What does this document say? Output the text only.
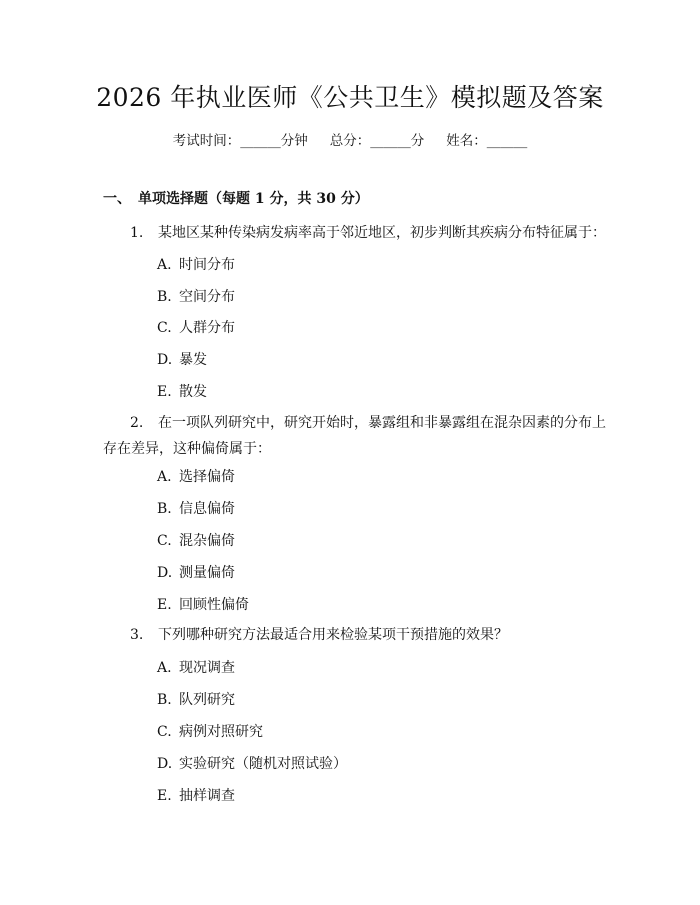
2026 年执业医师《公共卫生》模拟题及答案
考试时间：______分钟 总分：______分 姓名：______
一、 单项选择题（每题 1 分，共 30 分）
1. 某地区某种传染病发病率高于邻近地区，初步判断其疾病分布特征属于：
A. 时间分布
B. 空间分布
C. 人群分布
D. 暴发
E. 散发
2. 在一项队列研究中，研究开始时，暴露组和非暴露组在混杂因素的分布上
存在差异，这种偏倚属于：
A. 选择偏倚
B. 信息偏倚
C. 混杂偏倚
D. 测量偏倚
E. 回顾性偏倚
3. 下列哪种研究方法最适合用来检验某项干预措施的效果？
A. 现况调查
B. 队列研究
C. 病例对照研究
D. 实验研究（随机对照试验）
E. 抽样调查
